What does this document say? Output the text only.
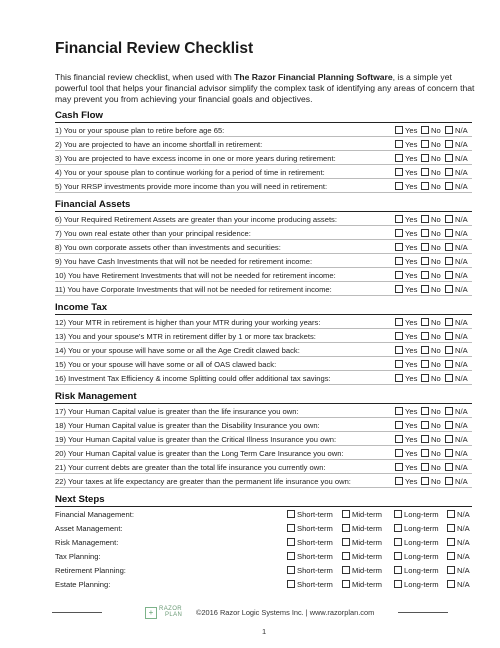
Financial Review Checklist
This financial review checklist, when used with The Razor Financial Planning Software, is a simple yet powerful tool that helps your financial advisor simplify the complex task of identifying any areas of concern that may prevent you from achieving your financial goals and objectives.
Cash Flow
1) You or your spouse plan to retire before age 65:	Yes	No	N/A
2) You are projected to have an income shortfall in retirement:	Yes	No	N/A
3) You are projected to have excess income in one or more years during retirement:	Yes	No	N/A
4) You or your spouse plan to continue working for a period of time in retirement:	Yes	No	N/A
5) Your RRSP investments provide more income than you will need in retirement:	Yes	No	N/A
Financial Assets
6) Your Required Retirement Assets are greater than your income producing assets:	Yes	No	N/A
7) You own real estate other than your principal residence:	Yes	No	N/A
8) You own corporate assets other than investments and securities:	Yes	No	N/A
9) You have Cash Investments that will not be needed for retirement income:	Yes	No	N/A
10) You have Retirement Investments that will not be needed for retirement income:	Yes	No	N/A
11) You have Corporate Investments that will not be needed for retirement income:	Yes	No	N/A
Income Tax
12) Your MTR in retirement is higher than your MTR during your working years:	Yes	No	N/A
13) You and your spouse's MTR in retirement differ by 1 or more tax brackets:	Yes	No	N/A
14) You or your spouse will have some or all the Age Credit clawed back:	Yes	No	N/A
15) You or your spouse will have some or all of OAS clawed back:	Yes	No	N/A
16) Investment Tax Efficiency & income Splitting could offer additional tax savings:	Yes	No	N/A
Risk Management
17) Your Human Capital value is greater than the life insurance you own:	Yes	No	N/A
18) Your Human Capital value is greater than the Disability Insurance you own:	Yes	No	N/A
19) Your Human Capital value is greater than the Critical Illness Insurance you own:	Yes	No	N/A
20) Your Human Capital value is greater than the Long Term Care Insurance you own:	Yes	No	N/A
21) Your current debts are greater than the total life insurance you currently own:	Yes	No	N/A
22) Your taxes at life expectancy are greater than the permanent life insurance you own:	Yes	No	N/A
Next Steps
Financial Management:	Short-term	Mid-term	Long-term	N/A
Asset Management:	Short-term	Mid-term	Long-term	N/A
Risk Management:	Short-term	Mid-term	Long-term	N/A
Tax Planning:	Short-term	Mid-term	Long-term	N/A
Retirement Planning:	Short-term	Mid-term	Long-term	N/A
Estate Planning:	Short-term	Mid-term	Long-term	N/A
+ RAZOR
PLAN ©2016 Razor Logic Systems Inc. | www.razorplan.com
1
